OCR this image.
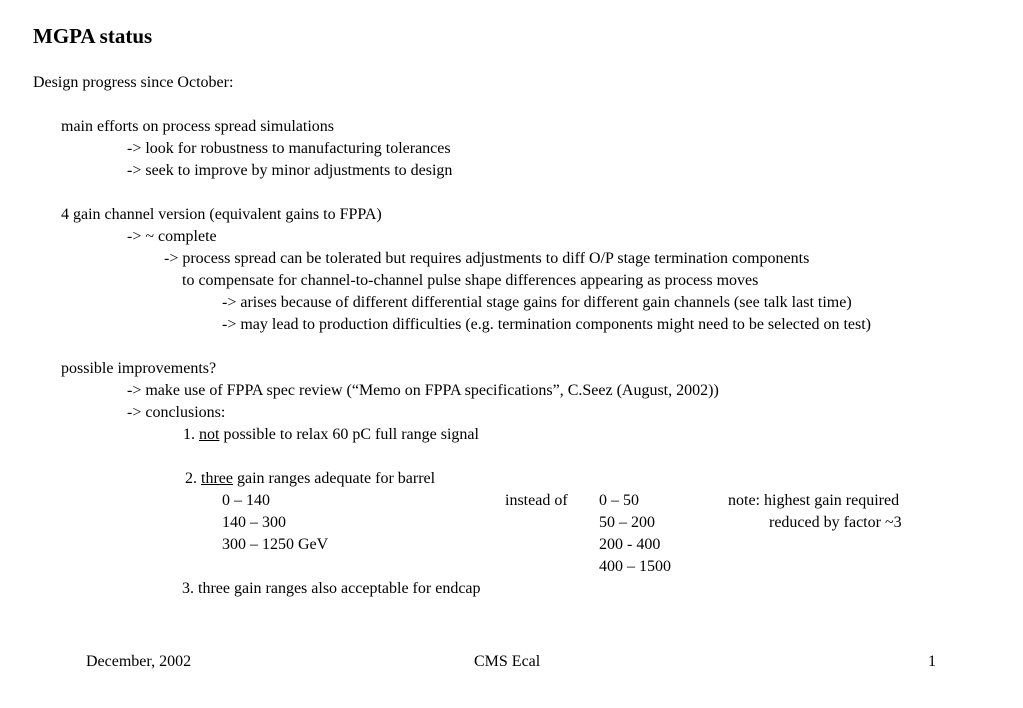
MGPA status
Design progress since October:
main efforts on process spread simulations
-> look for robustness to manufacturing tolerances
-> seek to improve by minor adjustments to design
4 gain channel version (equivalent gains to FPPA)
-> ~ complete
-> process spread can be tolerated but requires adjustments to diff O/P stage termination components
to compensate for channel-to-channel pulse shape differences appearing as process moves
-> arises because of different differential stage gains for different gain channels (see talk last time)
-> may lead to production difficulties (e.g. termination components might need to be selected on test)
possible improvements?
-> make use of FPPA spec review (“Memo on FPPA specifications”, C.Seez (August, 2002))
-> conclusions:
1. not possible to relax 60 pC full range signal
2. three gain ranges adequate for barrel
0 – 140
140 – 300
300 – 1250 GeV
instead of 0 – 50
50 – 200
200 - 400
400 – 1500
note: highest gain required
reduced by factor ~3
3. three gain ranges also acceptable for endcap
December, 2002	CMS Ecal	1
